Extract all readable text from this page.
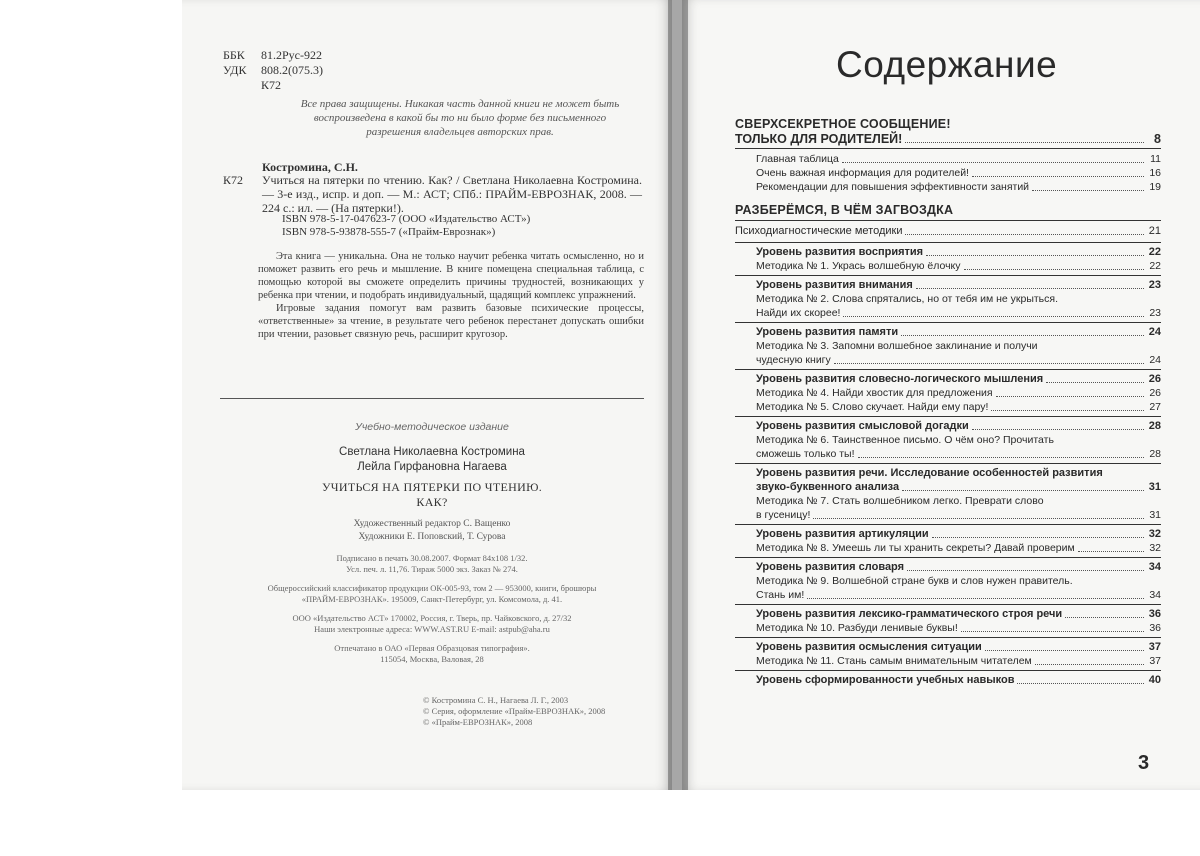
ББК	81.2Рус-922
УДК	808.2(075.3)
К72
Все права защищены. Никакая часть данной книги не может быть воспроизведена в какой бы то ни было форме без письменного разрешения владельцев авторских прав.
Костромина, С.Н.
К72 Учиться на пятерки по чтению. Как? / Светлана Николаевна Костромина. — 3-е изд., испр. и доп. — М.: АСТ; СПб.: ПРАЙМ-ЕВРОЗНАК, 2008. — 224 с.: ил. — (На пятерки!).
ISBN 978-5-17-047623-7 (ООО «Издательство АСТ»)
ISBN 978-5-93878-555-7 («Прайм-Еврознак»)

Эта книга — уникальна. Она не только научит ребенка читать осмысленно, но и поможет развить его речь и мышление. В книге помещена специальная таблица, с помощью которой вы сможете определить причины трудностей, возникающих у ребенка при чтении, и подобрать индивидуальный, щадящий комплекс упражнений.

Игровые задания помогут вам развить базовые психические процессы, «ответственные» за чтение, в результате чего ребенок перестанет допускать ошибки при чтении, разовьет связную речь, расширит кругозор.

Учебно-методическое издание
Светлана Николаевна Костромина
Лейла Гирфановна Нагаева
УЧИТЬСЯ НА ПЯТЕРКИ ПО ЧТЕНИЮ.
КАК?
Художественный редактор С. Ващенко
Художники Е. Поповский, Т. Сурова
Подписано в печать 30.08.2007. Формат 84x108 1/32.
Усл. печ. л. 11,76. Тираж 5000 экз. Заказ № 274.
Общероссийский классификатор продукции ОК-005-93, том 2 — 953000, книги, брошюры
«ПРАЙМ-ЕВРОЗНАК». 195009, Санкт-Петербург, ул. Комсомола, д. 41.
ООО «Издательство АСТ» 170002, Россия, г. Тверь, пр. Чайковского, д. 27/32
Наши электронные адреса: WWW.AST.RU E-mail: astpub@aha.ru
Отпечатано в ОАО «Первая Образцовая типография».
115054, Москва, Валовая, 28
© Костромина С. Н., Нагаева Л. Г., 2003
© Серия, оформление «Прайм-ЕВРОЗНАК», 2008
© «Прайм-ЕВРОЗНАК», 2008
Содержание
СВЕРХСЕКРЕТНОЕ СООБЩЕНИЕ!
ТОЛЬКО ДЛЯ РОДИТЕЛЕЙ!	8
Главная таблица	11
Очень важная информация для родителей!	16
Рекомендации для повышения эффективности занятий	19
РАЗБЕРЁМСЯ, В ЧЁМ ЗАГВОЗДКА
Психодиагностические методики	21
Уровень развития восприятия	22
Методика № 1. Укрась волшебную ёлочку	22
Уровень развития внимания	23
Методика № 2. Слова спрятались, но от тебя им не укрыться.
Найди их скорее!	23
Уровень развития памяти	24
Методика № 3. Запомни волшебное заклинание и получи
чудесную книгу	24
Уровень развития словесно-логического мышления	26
Методика № 4. Найди хвостик для предложения	26
Методика № 5. Слово скучает. Найди ему пару!	27
Уровень развития смысловой догадки	28
Методика № 6. Таинственное письмо. О чём оно? Прочитать
сможешь только ты!	28
Уровень развития речи. Исследование особенностей развития
звуко-буквенного анализа	31
Методика № 7. Стать волшебником легко. Преврати слово
в гусеницу!	31
Уровень развития артикуляции	32
Методика № 8. Умеешь ли ты хранить секреты? Давай проверим	32
Уровень развития словаря	34
Методика № 9. Волшебной стране букв и слов нужен правитель.
Стань им!	34
Уровень развития лексико-грамматического строя речи	36
Методика № 10. Разбуди ленивые буквы!	36
Уровень развития осмысления ситуации	37
Методика № 11. Стань самым внимательным читателем	37
Уровень сформированности учебных навыков	40
3
